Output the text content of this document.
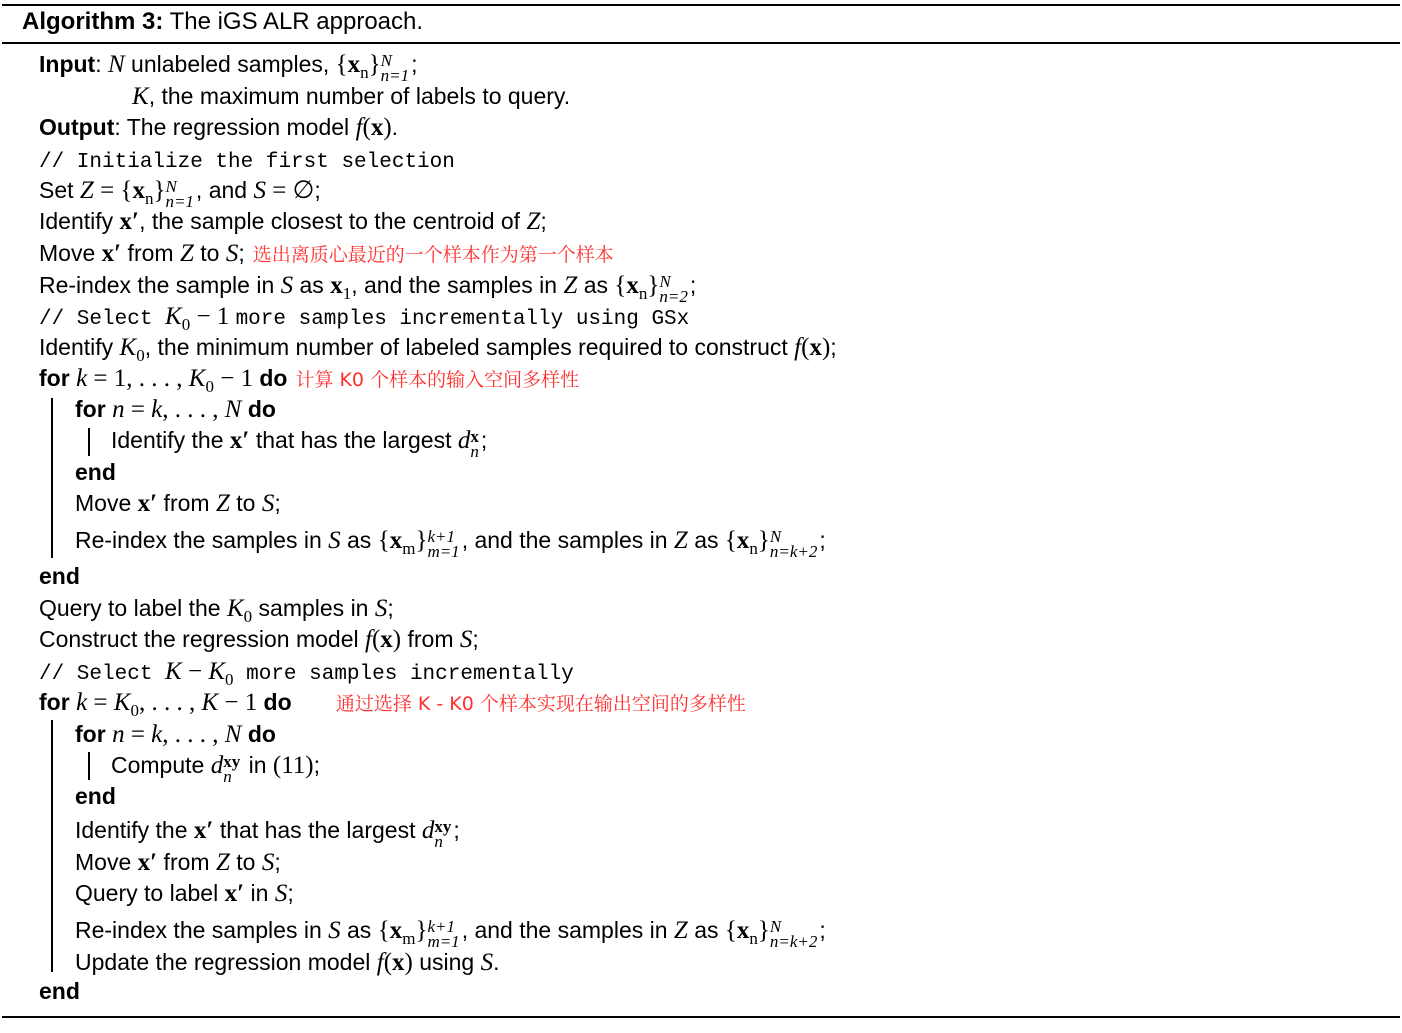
Algorithm 3: The iGS ALR approach.
Input: N unlabeled samples, $\{x_n\}$ N
n=1 ;
K, the maximum number of labels to query.
Output: The regression model f(x).
// Initialize the first selection
Set $Z = \{x_n\}$ N
n=1 , and S = ∅;
Identify x′, the sample closest to the centroid of Z;
Move x′ from Z to S; 选出离质心最近的一个样本作为第一个样本
Re-index the sample in S as $x_1$, and the samples in Z as $\{x_n\}$ N
n=2 ;
// Select $K_0 - 1$ more samples incrementally using GSx
Identify $K_0$, the minimum number of labeled samples required to construct f(x);
for k = 1, . . . , $K_0 - 1$ do 计算 K0 个样本的输入空间多样性
for n = k, . . . , N do
Identify the x′ that has the largest d x
n ;
end
Move x′ from Z to S;
Re-index the samples in S as $\{x_m\}$ k+1
m=1 , and the samples in Z as $\{x_n\}$ N
n=k+2 ;
end
Query to label the $K_0$ samples in S;
Construct the regression model f(x) from S;
// Select $K - K_0$ more samples incrementally
for $k = K_0$, . . . , K − 1 do      通过选择 K - K0 个样本实现在输出空间的多样性
for n = k, . . . , N do
Compute d xy
n in (11);
end
Identify the x′ that has the largest d xy
n ;
Move x′ from Z to S;
Query to label x′ in S;
Re-index the samples in S as $\{x_m\}$ k+1
m=1 , and the samples in Z as $\{x_n\}$ N
n=k+2 ;
Update the regression model f(x) using S.
end
